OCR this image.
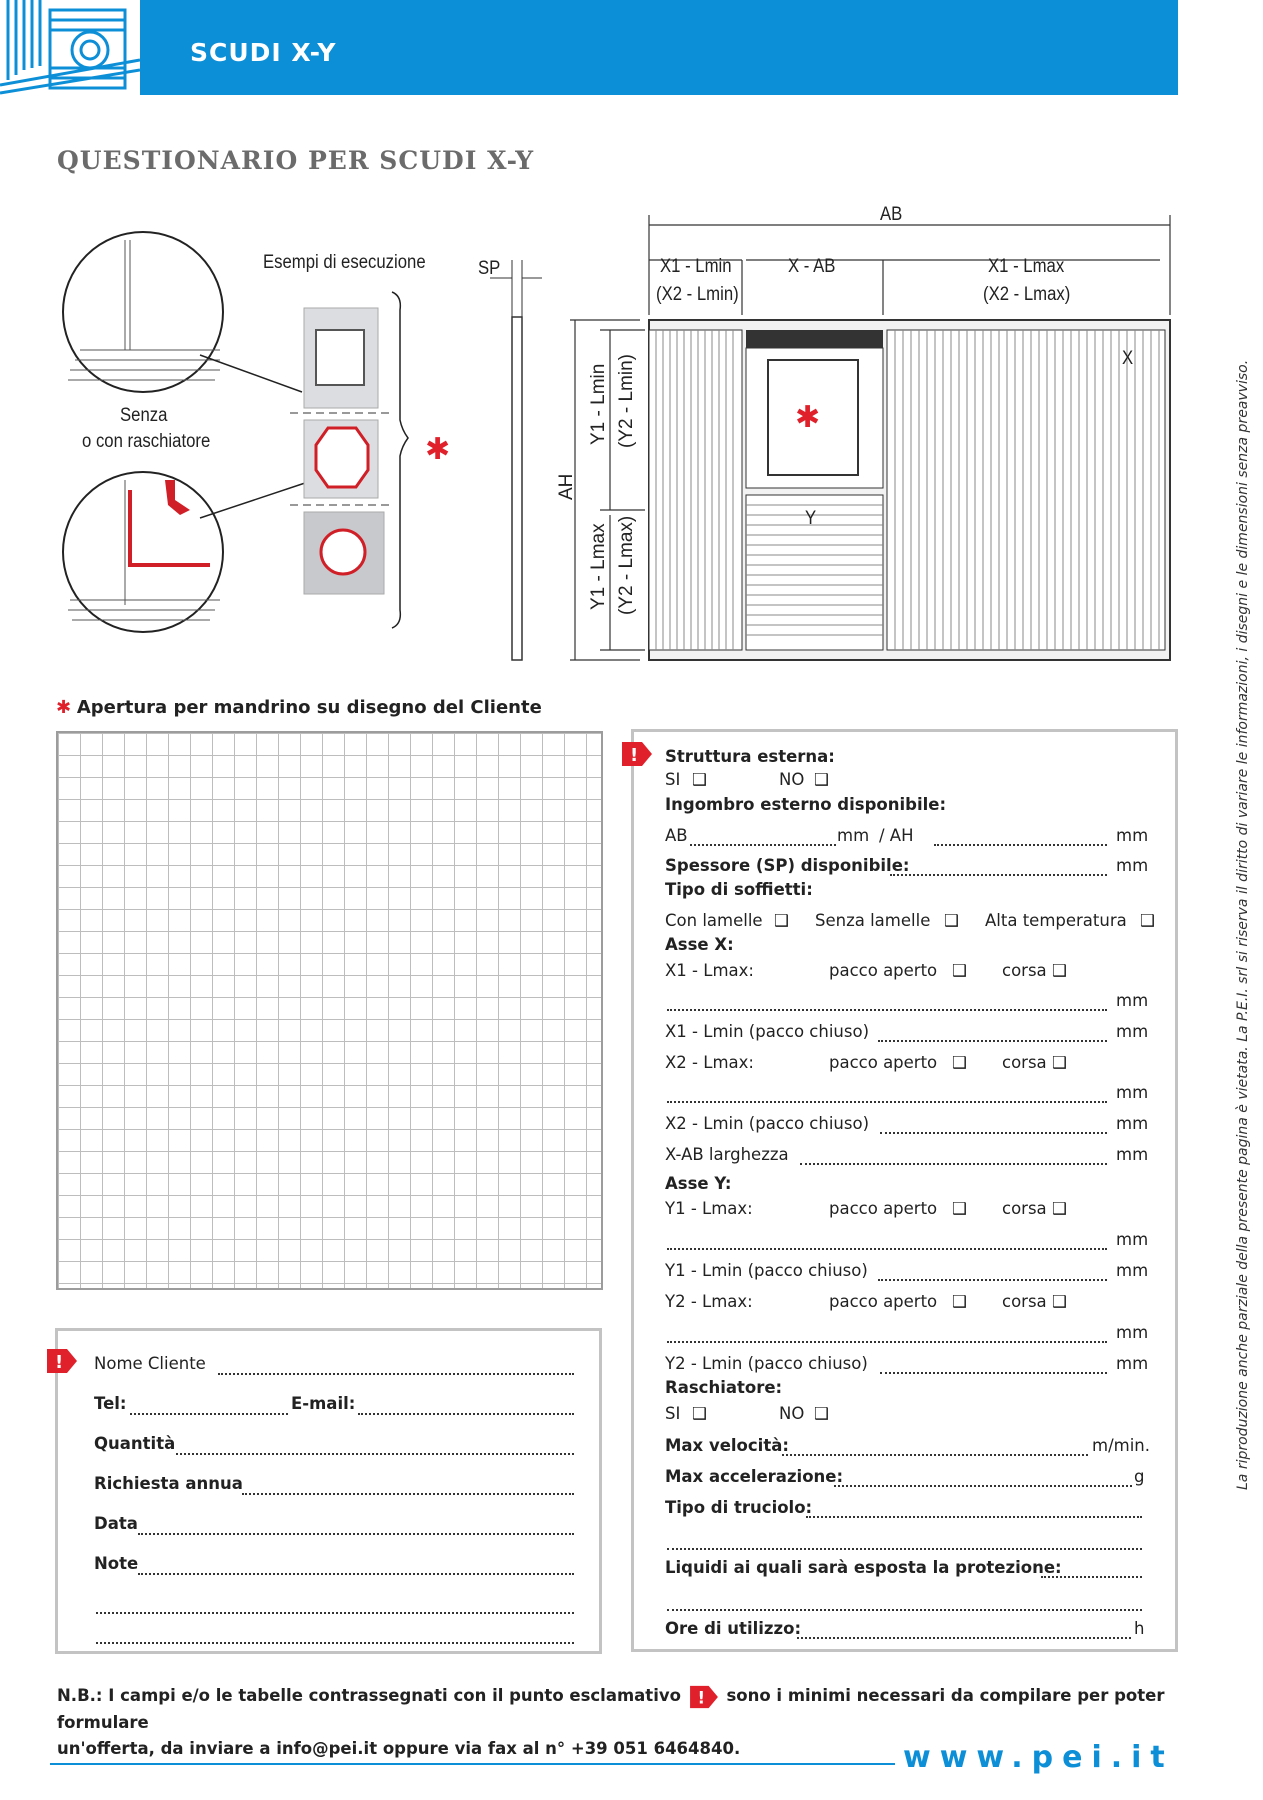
SCUDI X-Y
QUESTIONARIO PER SCUDI X-Y
Esempi di esecuzione
Senza
o con raschiatore	✱
SP
AB
X1 - Lmin
(X2 - Lmin)
X - AB	X1 - Lmax
(X2 - Lmax)
X
Y
✱
AH
Y1 - Lmin (Y2 - Lmin)
Y1 - Lmax (Y2 - Lmax)
✱ Apertura per mandrino su disegno del Cliente
Nome Cliente
Tel:	E-mail:
Quantità
Richiesta annua
Data
Note
!
Struttura esterna:
SI ❑	NO ❑
Ingombro esterno disponibile:
AB	mm / AH	mm
Spessore (SP) disponibile:	mm
Tipo di soffietti:
Con lamelle ❑ Senza lamelle ❑ Alta temperatura ❑
Asse X:
X1 - Lmax:	pacco aperto ❑ corsa ❑
mm
X1 - Lmin (pacco chiuso)	mm
X2 - Lmax:	pacco aperto ❑ corsa ❑
mm
X2 - Lmin (pacco chiuso)	mm
X-AB larghezza	mm
Asse Y:
Y1 - Lmax:	pacco aperto ❑ corsa ❑
mm
Y1 - Lmin (pacco chiuso)	mm
Y2 - Lmax:	pacco aperto ❑ corsa ❑
mm
Y2 - Lmin (pacco chiuso)	mm
Raschiatore:
SI ❑	NO ❑
Max velocità:	m/min.
Max accelerazione:	g
Tipo di truciolo:
Liquidi ai quali sarà esposta la protezione:
Ore di utilizzo:	h
!
N.B.: I campi e/o le tabelle contrassegnati con il punto esclamativo ! sono i minimi necessari da compilare per poter formulare
un'offerta, da inviare a info@pei.it oppure via fax al n° +39 051 6464840.	www.pei.it
La riproduzione anche parziale della presente pagina è vietata. La P.E.I. srl si riserva il diritto di variare le informazioni, i disegni e le dimensioni senza preavviso.
